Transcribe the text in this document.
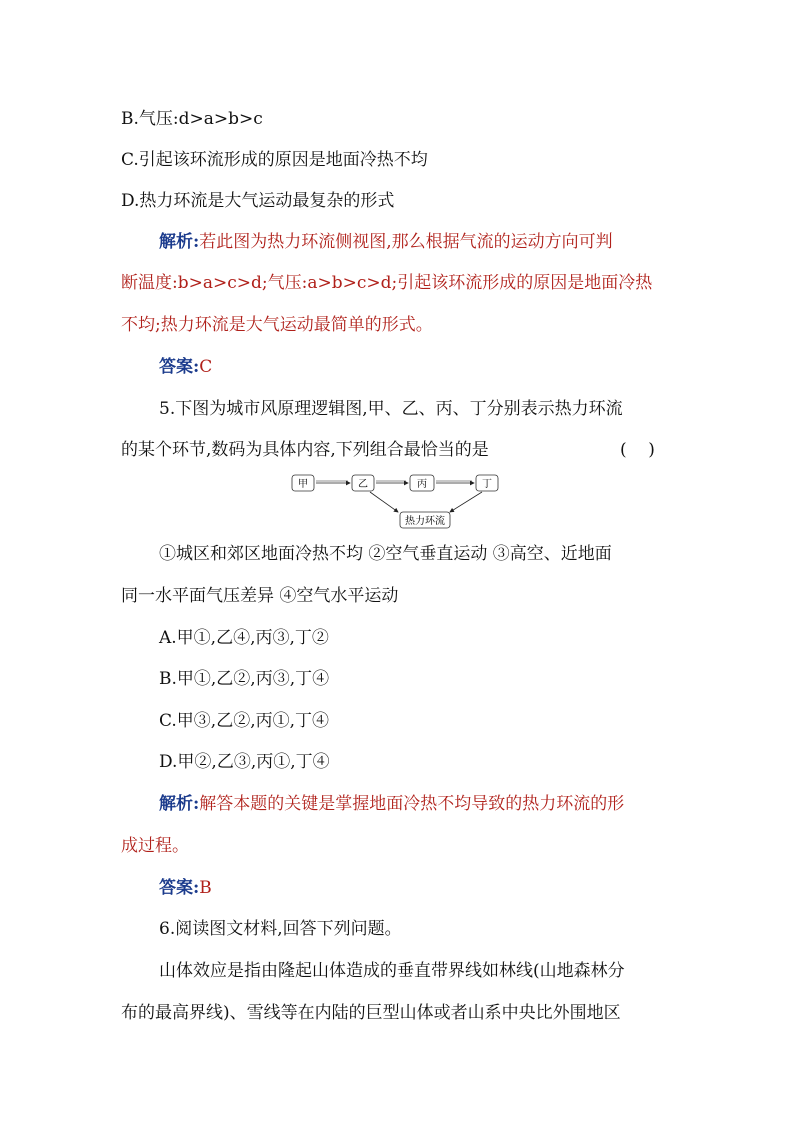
B.气压:d>a>b>c
C.引起该环流形成的原因是地面冷热不均
D.热力环流是大气运动最复杂的形式
解析:若此图为热力环流侧视图,那么根据气流的运动方向可判
断温度:b>a>c>d;气压:a>b>c>d;引起该环流形成的原因是地面冷热
不均;热力环流是大气运动最简单的形式。
答案:C
5.下图为城市风原理逻辑图,甲、乙、丙、丁分别表示热力环流
的某个环节,数码为具体内容,下列组合最恰当的是	(    )
甲	乙	丙	丁
热力环流
①城区和郊区地面冷热不均 ②空气垂直运动 ③高空、近地面
同一水平面气压差异 ④空气水平运动
A.甲①,乙④,丙③,丁②
B.甲①,乙②,丙③,丁④
C.甲③,乙②,丙①,丁④
D.甲②,乙③,丙①,丁④
解析:解答本题的关键是掌握地面冷热不均导致的热力环流的形
成过程。
答案:B
6.阅读图文材料,回答下列问题。
山体效应是指由隆起山体造成的垂直带界线如林线(山地森林分
布的最高界线)、雪线等在内陆的巨型山体或者山系中央比外围地区
